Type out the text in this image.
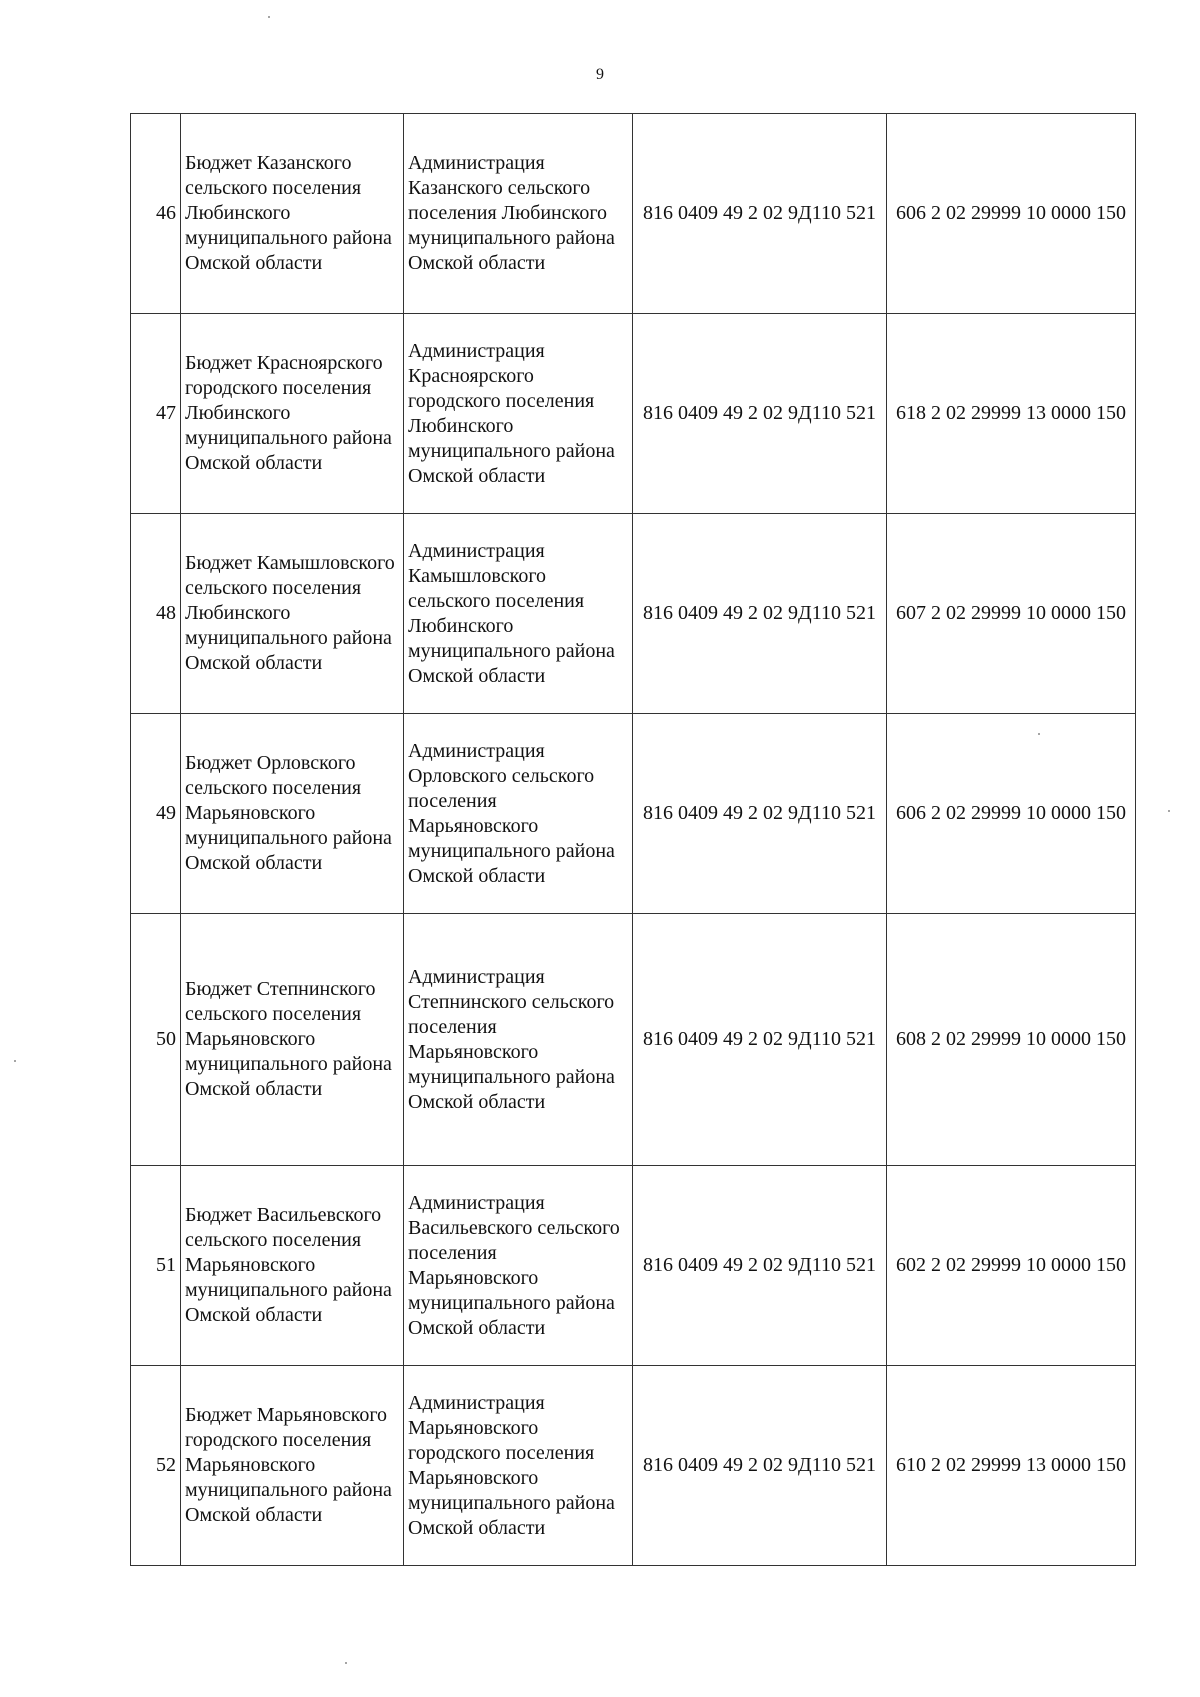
9
46	Бюджет Казанского сельского поселения Любинского муниципального района Омской области	Администрация Казанского сельского поселения Любинского муниципального района Омской области	816 0409 49 2 02 9Д110 521	606 2 02 29999 10 0000 150
47	Бюджет Красноярского городского поселения Любинского муниципального района Омской области	Администрация Красноярского городского поселения Любинского муниципального района Омской области	816 0409 49 2 02 9Д110 521	618 2 02 29999 13 0000 150
48	Бюджет Камышловского сельского поселения Любинского муниципального района Омской области	Администрация Камышловского сельского поселения Любинского муниципального района Омской области	816 0409 49 2 02 9Д110 521	607 2 02 29999 10 0000 150
49	Бюджет Орловского сельского поселения Марьяновского муниципального района Омской области	Администрация Орловского сельского поселения Марьяновского муниципального района Омской области	816 0409 49 2 02 9Д110 521	606 2 02 29999 10 0000 150
50	Бюджет Степнинского сельского поселения Марьяновского муниципального района Омской области	Администрация Степнинского сельского поселения Марьяновского муниципального района Омской области	816 0409 49 2 02 9Д110 521	608 2 02 29999 10 0000 150
51	Бюджет Васильевского сельского поселения Марьяновского муниципального района Омской области	Администрация Васильевского сельского поселения Марьяновского муниципального района Омской области	816 0409 49 2 02 9Д110 521	602 2 02 29999 10 0000 150
52	Бюджет Марьяновского городского поселения Марьяновского муниципального района Омской области	Администрация Марьяновского городского поселения Марьяновского муниципального района Омской области	816 0409 49 2 02 9Д110 521	610 2 02 29999 13 0000 150
